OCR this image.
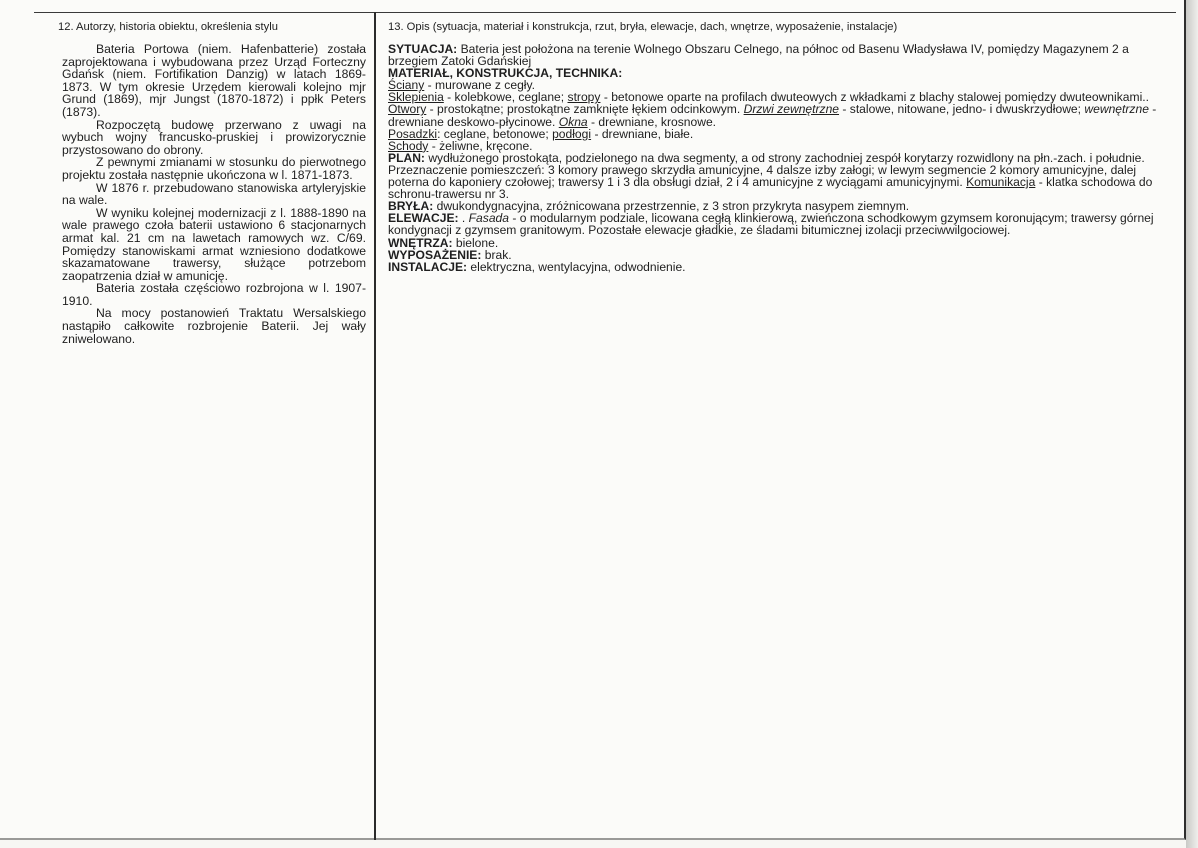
12. Autorzy, historia obiektu, określenia stylu

Bateria Portowa (niem. Hafenbatterie) została zaprojektowana i wybudowana przez Urząd Forteczny Gdańsk (niem. Fortifikation Danzig) w latach 1869-1873. W tym okresie Urzędem kierowali kolejno mjr Grund (1869), mjr Jungst (1870-1872) i ppłk Peters (1873).

Rozpoczętą budowę przerwano z uwagi na wybuch wojny francusko-pruskiej i prowizorycznie przystosowano do obrony.

Z pewnymi zmianami w stosunku do pierwotnego projektu została następnie ukończona w l. 1871-1873.

W 1876 r. przebudowano stanowiska artyleryjskie na wale.

W wyniku kolejnej modernizacji z l. 1888-1890 na wale prawego czoła baterii ustawiono 6 stacjonarnych armat kal. 21 cm na lawetach ramowych wz. C/69. Pomiędzy stanowiskami armat wzniesiono dodatkowe skazamatowane trawersy, służące potrzebom zaopatrzenia dział w amunicję.

Bateria została częściowo rozbrojona w l. 1907-1910.

Na mocy postanowień Traktatu Wersalskiego nastąpiło całkowite rozbrojenie Baterii. Jej wały zniwelowano.

13. Opis (sytuacja, materiał i konstrukcja, rzut, bryła, elewacje, dach, wnętrze, wyposażenie, instalacje)

SYTUACJA: Bateria jest położona na terenie Wolnego Obszaru Celnego, na północ od Basenu Władysława IV, pomiędzy Magazynem 2 a brzegiem Zatoki Gdańskiej

MATERIAŁ, KONSTRUKCJA, TECHNIKA:

Ściany - murowane z cegły.

Sklepienia - kolebkowe, ceglane; stropy - betonowe oparte na profilach dwuteowych z wkładkami z blachy stalowej pomiędzy dwuteownikami..

Otwory - prostokątne; prostokątne zamknięte łękiem odcinkowym. Drzwi zewnętrzne - stalowe, nitowane, jedno- i dwuskrzydłowe; wewnętrzne - drewniane deskowo-płycinowe. Okna - drewniane, krosnowe.

Posadzki: ceglane, betonowe; podłogi - drewniane, białe.

Schody - żeliwne, kręcone.

PLAN: wydłużonego prostokąta, podzielonego na dwa segmenty, a od strony zachodniej zespół korytarzy rozwidlony na płn.-zach. i południe. Przeznaczenie pomieszczeń: 3 komory prawego skrzydła amunicyjne, 4 dalsze izby załogi; w lewym segmencie 2 komory amunicyjne, dalej poterna do kaponiery czołowej; trawersy 1 i 3 dla obsługi dział, 2 i 4 amunicyjne z wyciągami amunicyjnymi. Komunikacja - klatka schodowa do schronu-trawersu nr 3.

BRYŁA: dwukondygnacyjna, zróżnicowana przestrzennie, z 3 stron przykryta nasypem ziemnym.

ELEWACJE: . Fasada - o modularnym podziale, licowana cegłą klinkierową, zwieńczona schodkowym gzymsem koronującym; trawersy górnej kondygnacji z gzymsem granitowym. Pozostałe elewacje gładkie, ze śladami bitumicznej izolacji przeciwwilgociowej.

WNĘTRZA: bielone.

WYPOSAŻENIE: brak.

INSTALACJE: elektryczna, wentylacyjna, odwodnienie.
